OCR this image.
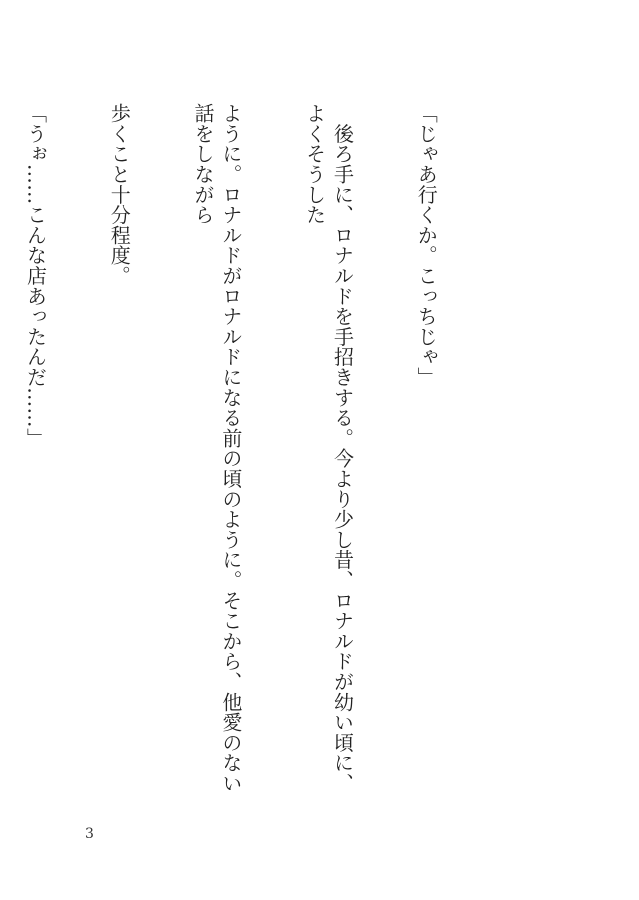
「じゃあ行くか。こっちじゃ」

　後ろ手に、ロナルドを手招きする。今より少し昔、ロナルドが幼い頃に、よくそうした

ように。ロナルドがロナルドになる前の頃のように。そこから、他愛のない話をしながら

歩くこと十分程度。

「うぉ……こんな店あったんだ……」

3
